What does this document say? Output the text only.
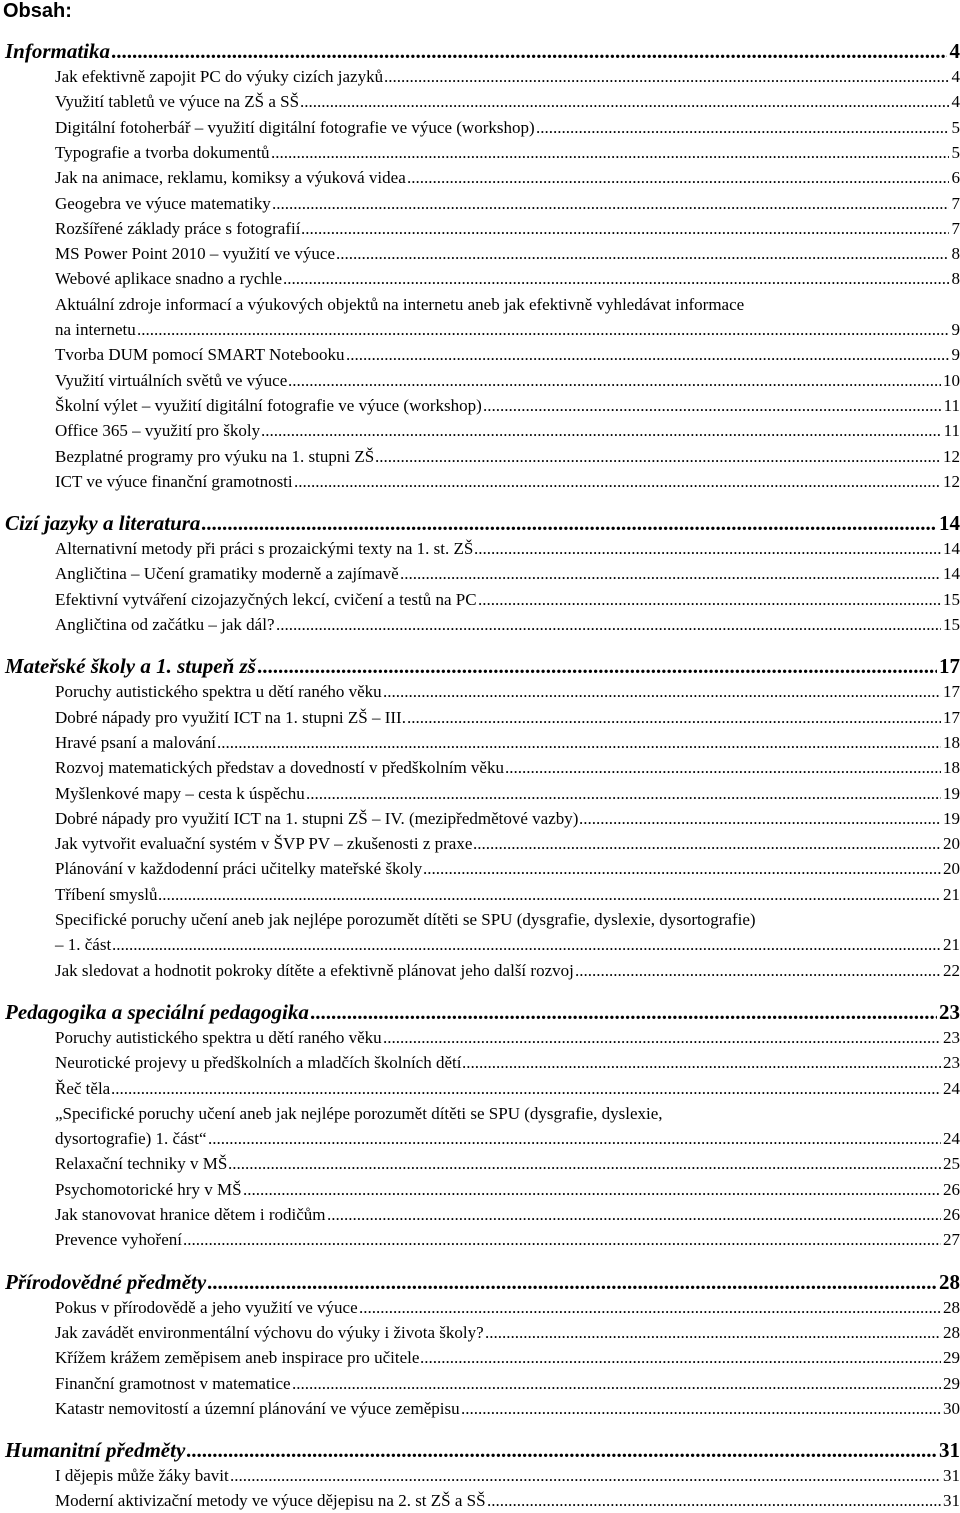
Obsah:
Informatika	4
.....
Jak efektivně zapojit PC do výuky cizích jazyků	4
.....
Využití tabletů ve výuce na ZŠ a SŠ	4
.....
Digitální fotoherbář – využití digitální fotografie ve výuce (workshop)	5
.....
Typografie a tvorba dokumentů	5
.....
Jak na animace, reklamu, komiksy a výuková videa	6
.....
Geogebra ve výuce matematiky	7
.....
Rozšířené základy práce s fotografií	7
.....
MS Power Point 2010 – využití ve výuce	8
.....
Webové aplikace snadno a rychle	8
.....
Aktuální zdroje informací a výukových objektů na internetu aneb jak efektivně vyhledávat informace
na internetu	9
.....
Tvorba DUM pomocí SMART Notebooku	9
.....
Využití virtuálních světů ve výuce	10
.....
Školní výlet – využití digitální fotografie ve výuce (workshop)	11
.....
Office 365 – využití pro školy	11
.....
Bezplatné programy pro výuku na 1. stupni ZŠ	12
.....
ICT ve výuce finanční gramotnosti	12
.....
Cizí jazyky a literatura	14
.....
Alternativní metody při práci s prozaickými texty na 1. st. ZŠ	14
.....
Angličtina – Učení gramatiky moderně a zajímavě	14
.....
Efektivní vytváření cizojazyčných lekcí, cvičení a testů na PC	15
.....
Angličtina od začátku – jak dál?	15
.....
Mateřské školy a 1. stupeň zš	17
.....
Poruchy autistického spektra u dětí raného věku	17
.....
Dobré nápady pro využití ICT na 1. stupni ZŠ – III.	17
.....
Hravé psaní a malování	18
.....
Rozvoj matematických představ a dovedností v předškolním věku	18
.....
Myšlenkové mapy – cesta k úspěchu	19
.....
Dobré nápady pro využití ICT na 1. stupni ZŠ – IV. (mezipředmětové vazby)	19
.....
Jak vytvořit evaluační systém v ŠVP PV – zkušenosti z praxe	20
.....
Plánování v každodenní práci učitelky mateřské školy	20
.....
Tříbení smyslů	21
.....
Specifické poruchy učení aneb jak nejlépe porozumět dítěti se SPU (dysgrafie, dyslexie, dysortografie)
– 1. část	21
.....
Jak sledovat a hodnotit pokroky dítěte a efektivně plánovat jeho další rozvoj	22
.....
Pedagogika a speciální pedagogika	23
.....
Poruchy autistického spektra u dětí raného věku	23
.....
Neurotické projevy u předškolních a mladčích školních dětí	23
.....
Řeč těla	24
.....
„Specifické poruchy učení aneb jak nejlépe porozumět dítěti se SPU (dysgrafie, dyslexie,
dysortografie) 1. část“	24
.....
Relaxační techniky v MŠ	25
.....
Psychomotorické hry v MŠ	26
.....
Jak stanovovat hranice dětem i rodičům	26
.....
Prevence vyhoření	27
.....
Přírodovědné předměty	28
.....
Pokus v přírodovědě a jeho využití ve výuce	28
.....
Jak zavádět environmentální výchovu do výuky i života školy?	28
.....
Křížem krážem zeměpisem aneb inspirace pro učitele	29
.....
Finanční gramotnost v matematice	29
.....
Katastr nemovitostí a územní plánování ve výuce zeměpisu	30
.....
Humanitní předměty	31
.....
I dějepis může žáky bavit	31
.....
Moderní aktivizační metody ve výuce dějepisu na 2. st ZŠ a SŠ	31
.....
